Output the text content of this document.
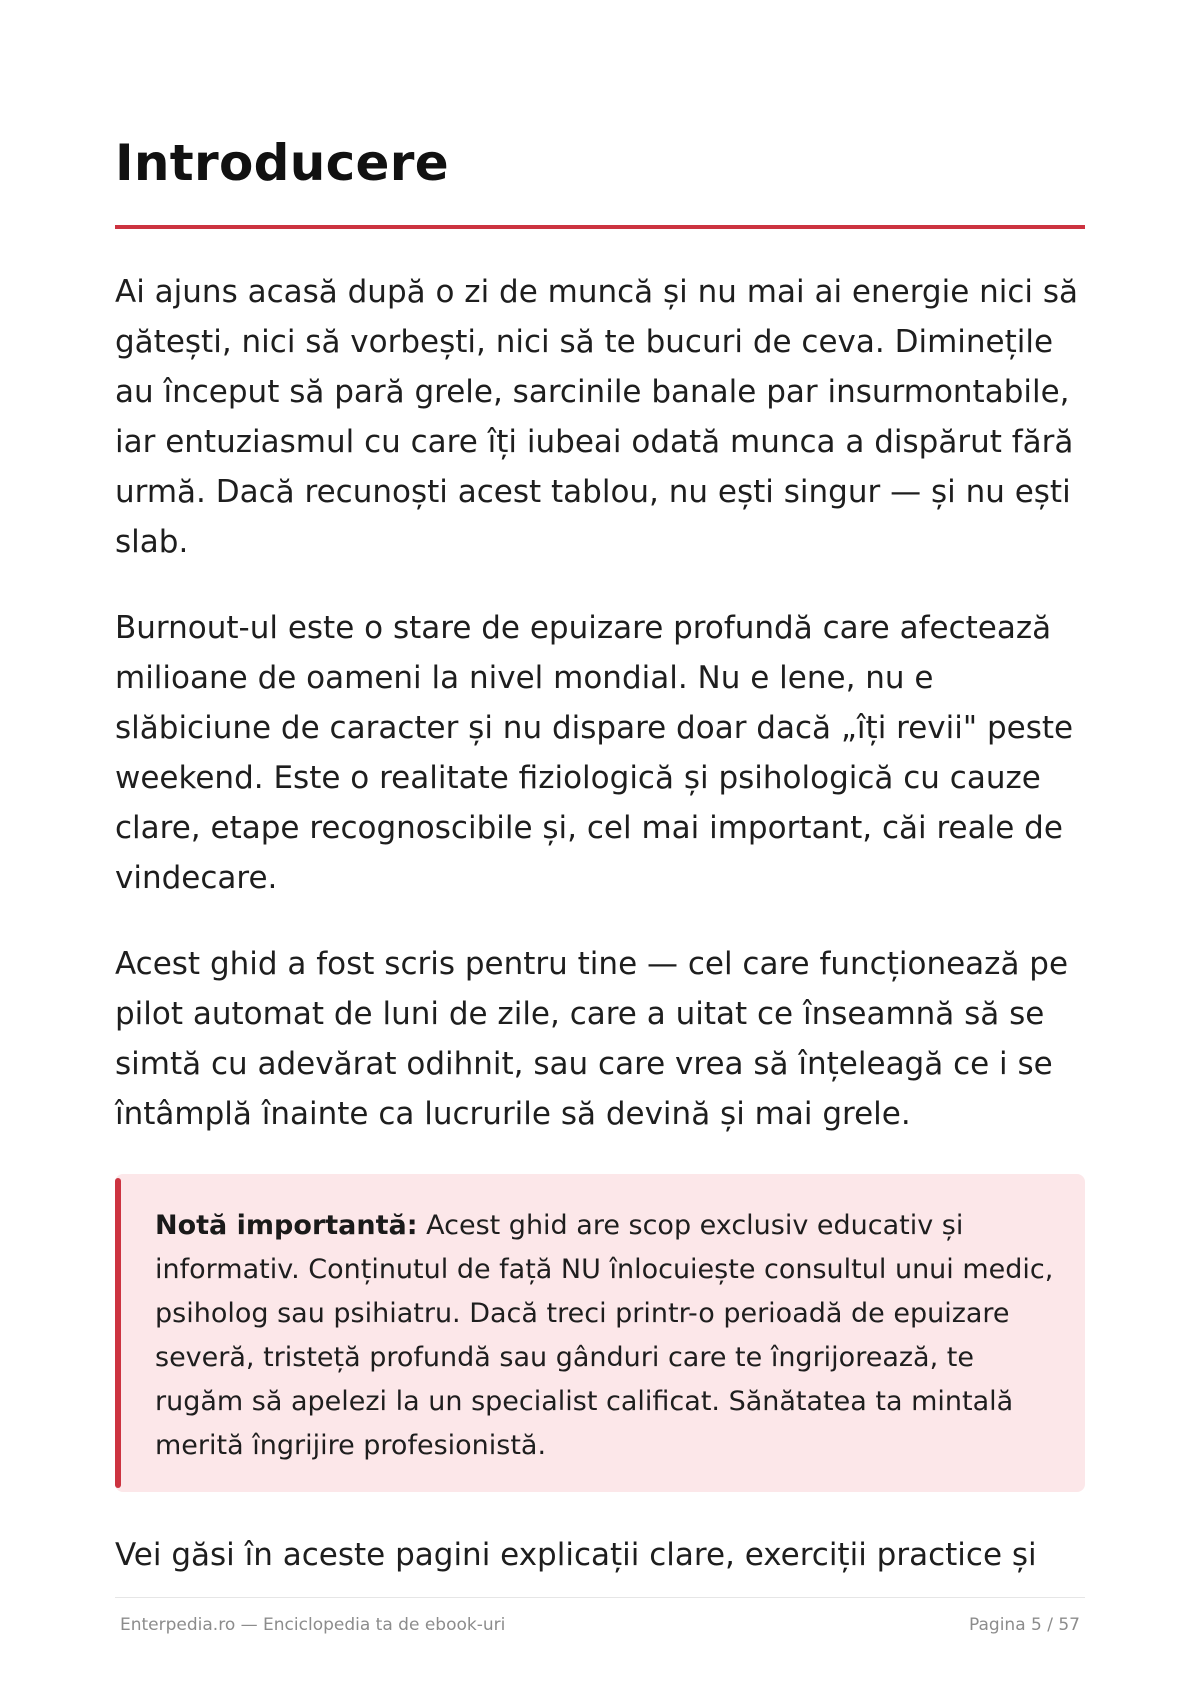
Introducere

Ai ajuns acasă după o zi de muncă și nu mai ai energie nici să gătești, nici să vorbești, nici să te bucuri de ceva. Diminețile au început să pară grele, sarcinile banale par insurmontabile, iar entuziasmul cu care îți iubeai odată munca a dispărut fără urmă. Dacă recunoști acest tablou, nu ești singur — și nu ești slab.

Burnout-ul este o stare de epuizare profundă care afectează milioane de oameni la nivel mondial. Nu e lene, nu e slăbiciune de caracter și nu dispare doar dacă „îți revii" peste weekend. Este o realitate fiziologică și psihologică cu cauze clare, etape recognoscibile și, cel mai important, căi reale de vindecare.

Acest ghid a fost scris pentru tine — cel care funcționează pe pilot automat de luni de zile, care a uitat ce înseamnă să se simtă cu adevărat odihnit, sau care vrea să înțeleagă ce i se întâmplă înainte ca lucrurile să devină și mai grele.

Notă importantă: Acest ghid are scop exclusiv educativ și informativ. Conținutul de față NU înlocuiește consultul unui medic, psiholog sau psihiatru. Dacă treci printr-o perioadă de epuizare severă, tristeță profundă sau gânduri care te îngrijorează, te rugăm să apelezi la un specialist calificat. Sănătatea ta mintală merită îngrijire profesionistă.

Vei găsi în aceste pagini explicații clare, exerciții practice și

Enterpedia.ro — Enciclopedia ta de ebook-uri	Pagina 5 / 57
